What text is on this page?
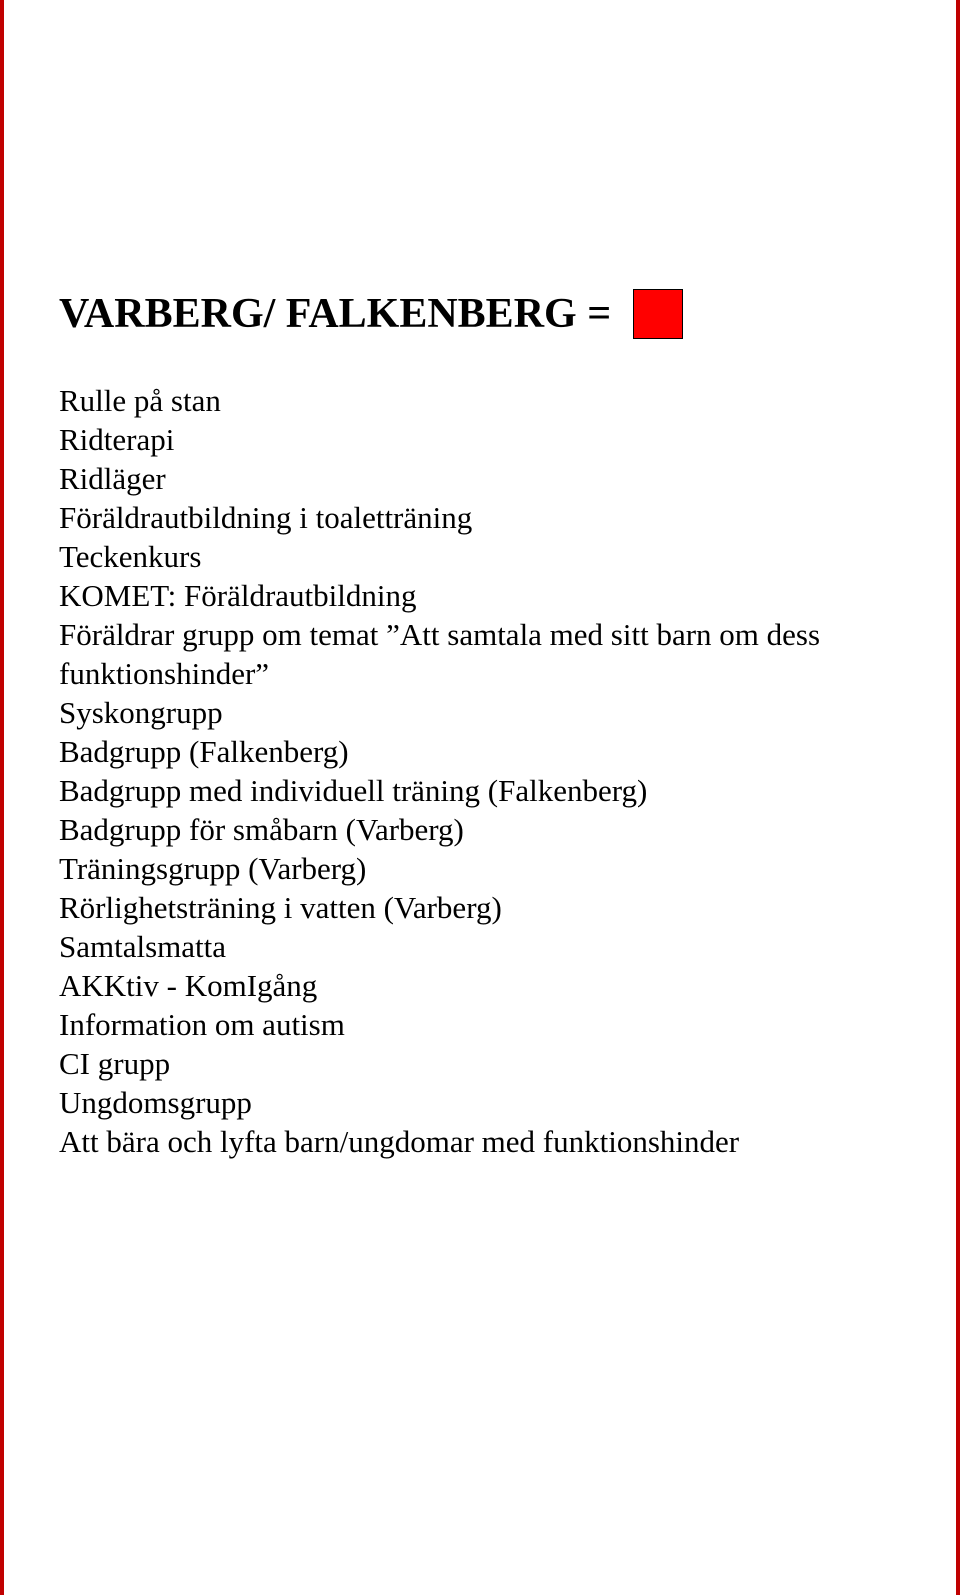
VARBERG/ FALKENBERG =
Rulle på stan
Ridterapi
Ridläger
Föräldrautbildning i toaletträning
Teckenkurs
KOMET: Föräldrautbildning
Föräldrar grupp om temat ”Att samtala med sitt barn om dess funktionshinder”
Syskongrupp
Badgrupp (Falkenberg)
Badgrupp med individuell träning (Falkenberg)
Badgrupp för småbarn (Varberg)
Träningsgrupp (Varberg)
Rörlighetsträning i vatten (Varberg)
Samtalsmatta
AKKtiv - KomIgång
Information om autism
CI grupp
Ungdomsgrupp
Att bära och lyfta barn/ungdomar med funktionshinder
